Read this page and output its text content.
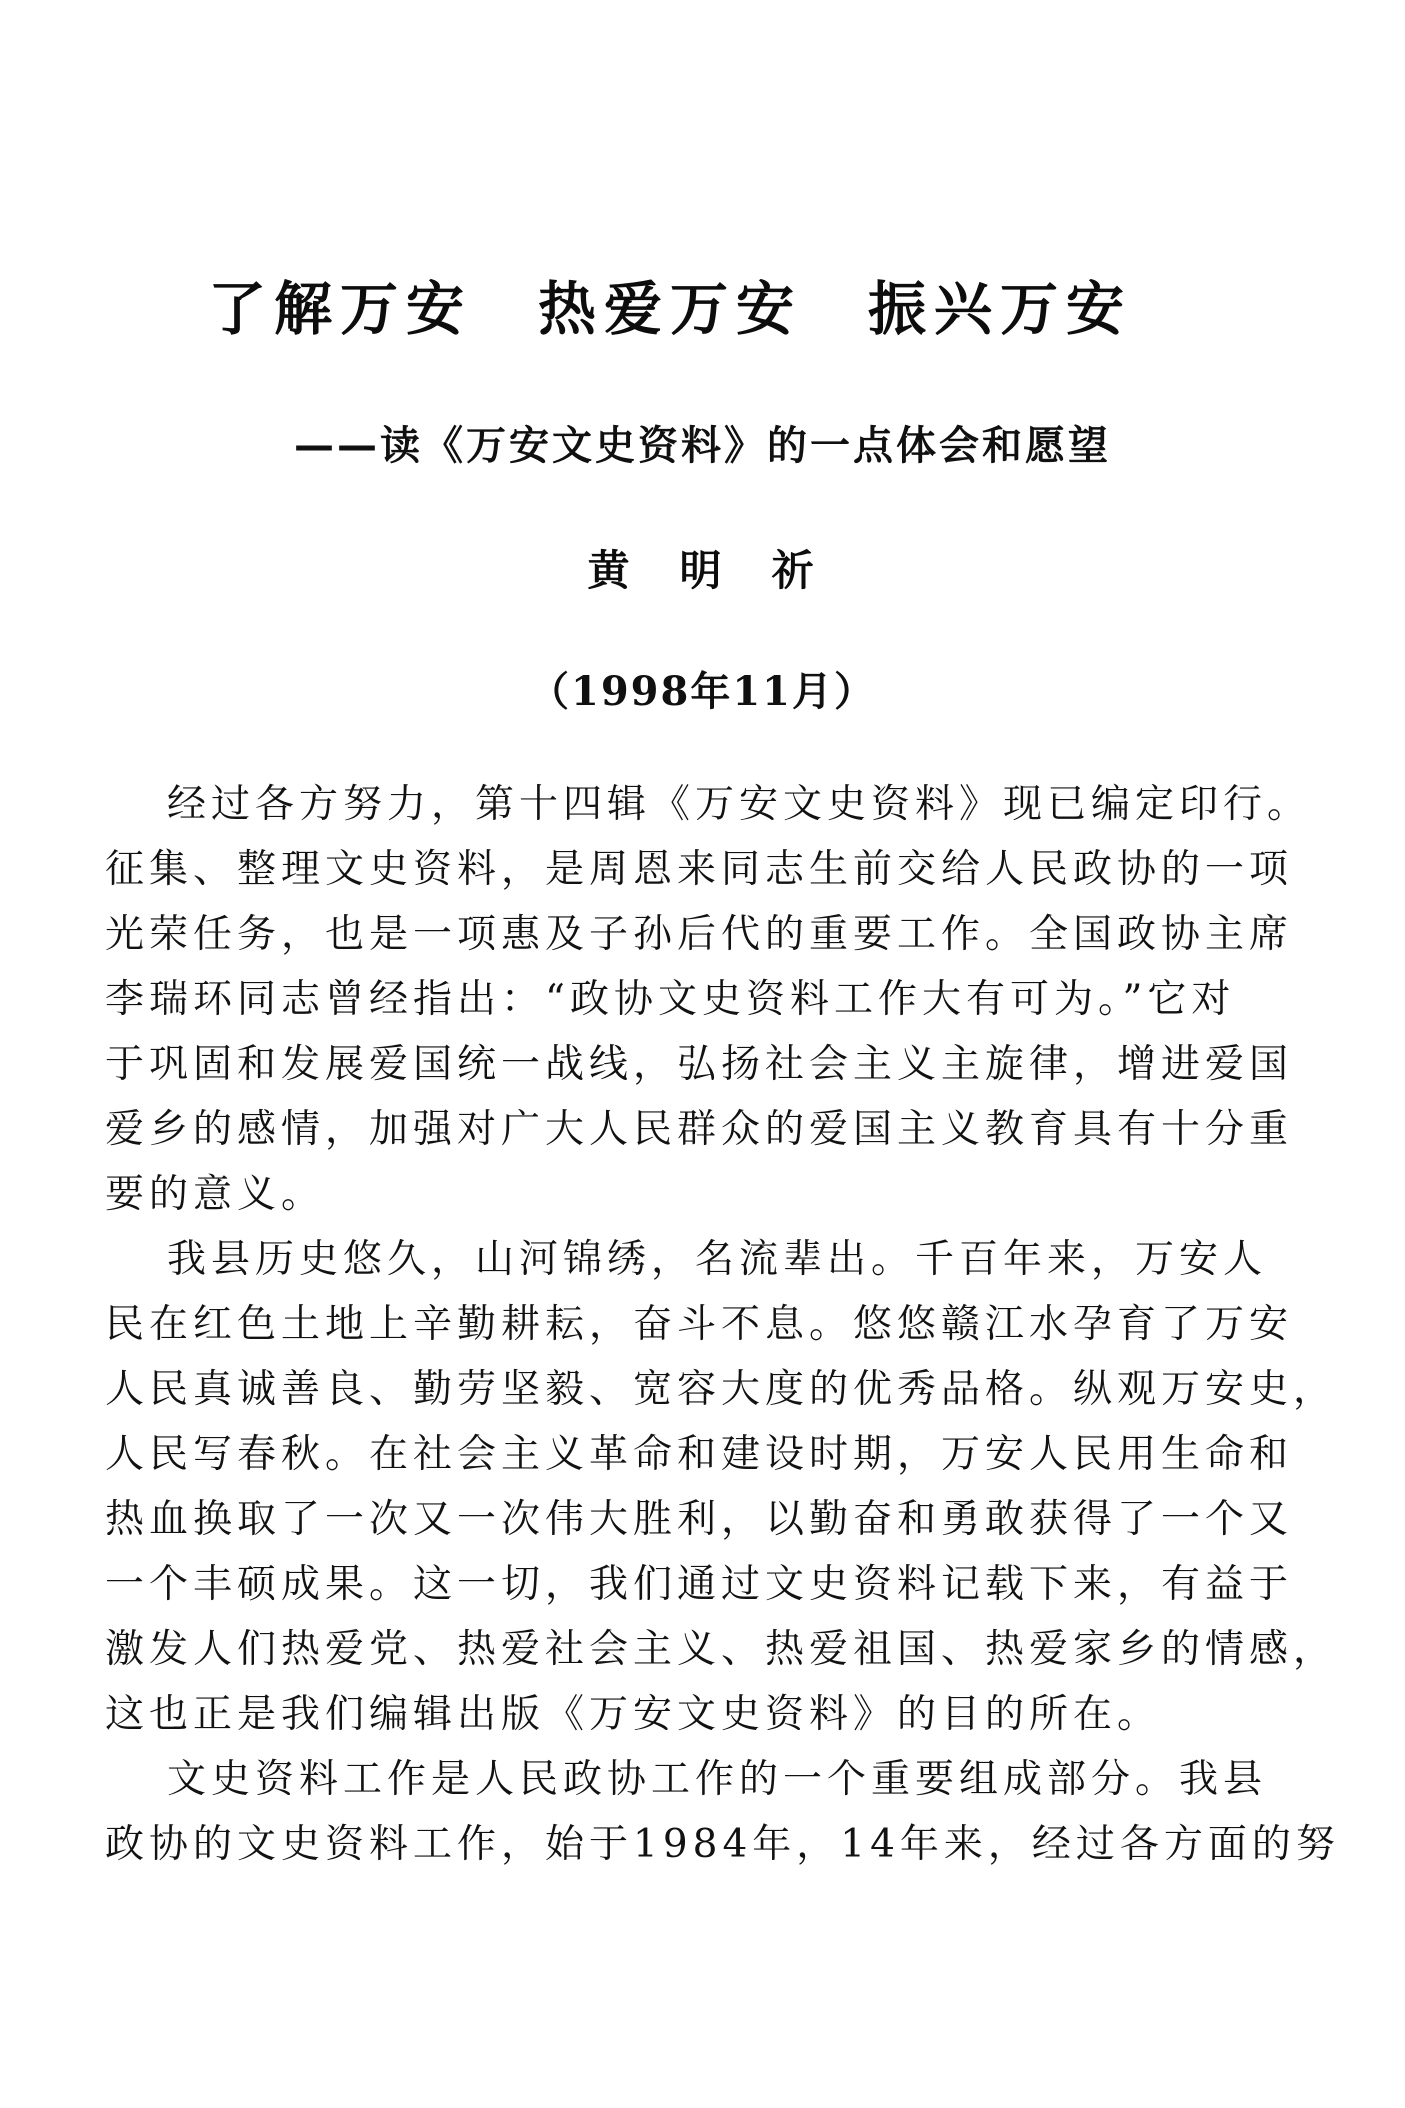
了解万安　热爱万安　振兴万安
——读《万安文史资料》的一点体会和愿望
黄　明　祈
（1998年11月）
经过各方努力，第十四辑《万安文史资料》现已编定印行。
征集、整理文史资料，是周恩来同志生前交给人民政协的一项
光荣任务，也是一项惠及子孙后代的重要工作。全国政协主席
李瑞环同志曾经指出：“政协文史资料工作大有可为。”它对
于巩固和发展爱国统一战线，弘扬社会主义主旋律，增进爱国
爱乡的感情，加强对广大人民群众的爱国主义教育具有十分重
要的意义。
我县历史悠久，山河锦绣，名流辈出。千百年来，万安人
民在红色土地上辛勤耕耘，奋斗不息。悠悠赣江水孕育了万安
人民真诚善良、勤劳坚毅、宽容大度的优秀品格。纵观万安史，
人民写春秋。在社会主义革命和建设时期，万安人民用生命和
热血换取了一次又一次伟大胜利，以勤奋和勇敢获得了一个又
一个丰硕成果。这一切，我们通过文史资料记载下来，有益于
激发人们热爱党、热爱社会主义、热爱祖国、热爱家乡的情感，
这也正是我们编辑出版《万安文史资料》的目的所在。
文史资料工作是人民政协工作的一个重要组成部分。我县
政协的文史资料工作，始于1984年，14年来，经过各方面的努
